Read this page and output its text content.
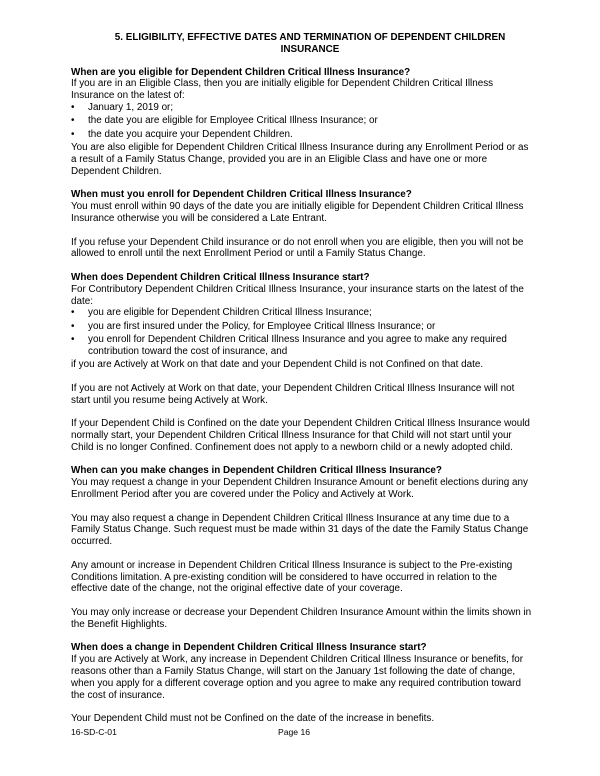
5. ELIGIBILITY, EFFECTIVE DATES AND TERMINATION OF DEPENDENT CHILDREN INSURANCE

When are you eligible for Dependent Children Critical Illness Insurance?

If you are in an Eligible Class, then you are initially eligible for Dependent Children Critical Illness Insurance on the latest of:

• January 1, 2019 or;
• the date you are eligible for Employee Critical Illness Insurance; or
• the date you acquire your Dependent Children.

You are also eligible for Dependent Children Critical Illness Insurance during any Enrollment Period or as a result of a Family Status Change, provided you are in an Eligible Class and have one or more Dependent Children.

When must you enroll for Dependent Children Critical Illness Insurance?

You must enroll within 90 days of the date you are initially eligible for Dependent Children Critical Illness Insurance otherwise you will be considered a Late Entrant.

If you refuse your Dependent Child insurance or do not enroll when you are eligible, then you will not be allowed to enroll until the next Enrollment Period or until a Family Status Change.

When does Dependent Children Critical Illness Insurance start?

For Contributory Dependent Children Critical Illness Insurance, your insurance starts on the latest of the date:

• you are eligible for Dependent Children Critical Illness Insurance;
• you are first insured under the Policy, for Employee Critical Illness Insurance; or
• you enroll for Dependent Children Critical Illness Insurance and you agree to make any required contribution toward the cost of insurance, and

if you are Actively at Work on that date and your Dependent Child is not Confined on that date.

If you are not Actively at Work on that date, your Dependent Children Critical Illness Insurance will not start until you resume being Actively at Work.

If your Dependent Child is Confined on the date your Dependent Children Critical Illness Insurance would normally start, your Dependent Children Critical Illness Insurance for that Child will not start until your Child is no longer Confined. Confinement does not apply to a newborn child or a newly adopted child.

When can you make changes in Dependent Children Critical Illness Insurance?

You may request a change in your Dependent Children Insurance Amount or benefit elections during any Enrollment Period after you are covered under the Policy and Actively at Work.

You may also request a change in Dependent Children Critical Illness Insurance at any time due to a Family Status Change. Such request must be made within 31 days of the date the Family Status Change occurred.

Any amount or increase in Dependent Children Critical Illness Insurance is subject to the Pre-existing Conditions limitation. A pre-existing condition will be considered to have occurred in relation to the effective date of the change, not the original effective date of your coverage.

You may only increase or decrease your Dependent Children Insurance Amount within the limits shown in the Benefit Highlights.

When does a change in Dependent Children Critical Illness Insurance start?

If you are Actively at Work, any increase in Dependent Children Critical Illness Insurance or benefits, for reasons other than a Family Status Change, will start on the January 1st following the date of change, when you apply for a different coverage option and you agree to make any required contribution toward the cost of insurance.

Your Dependent Child must not be Confined on the date of the increase in benefits.

16-SD-C-01	Page 16
